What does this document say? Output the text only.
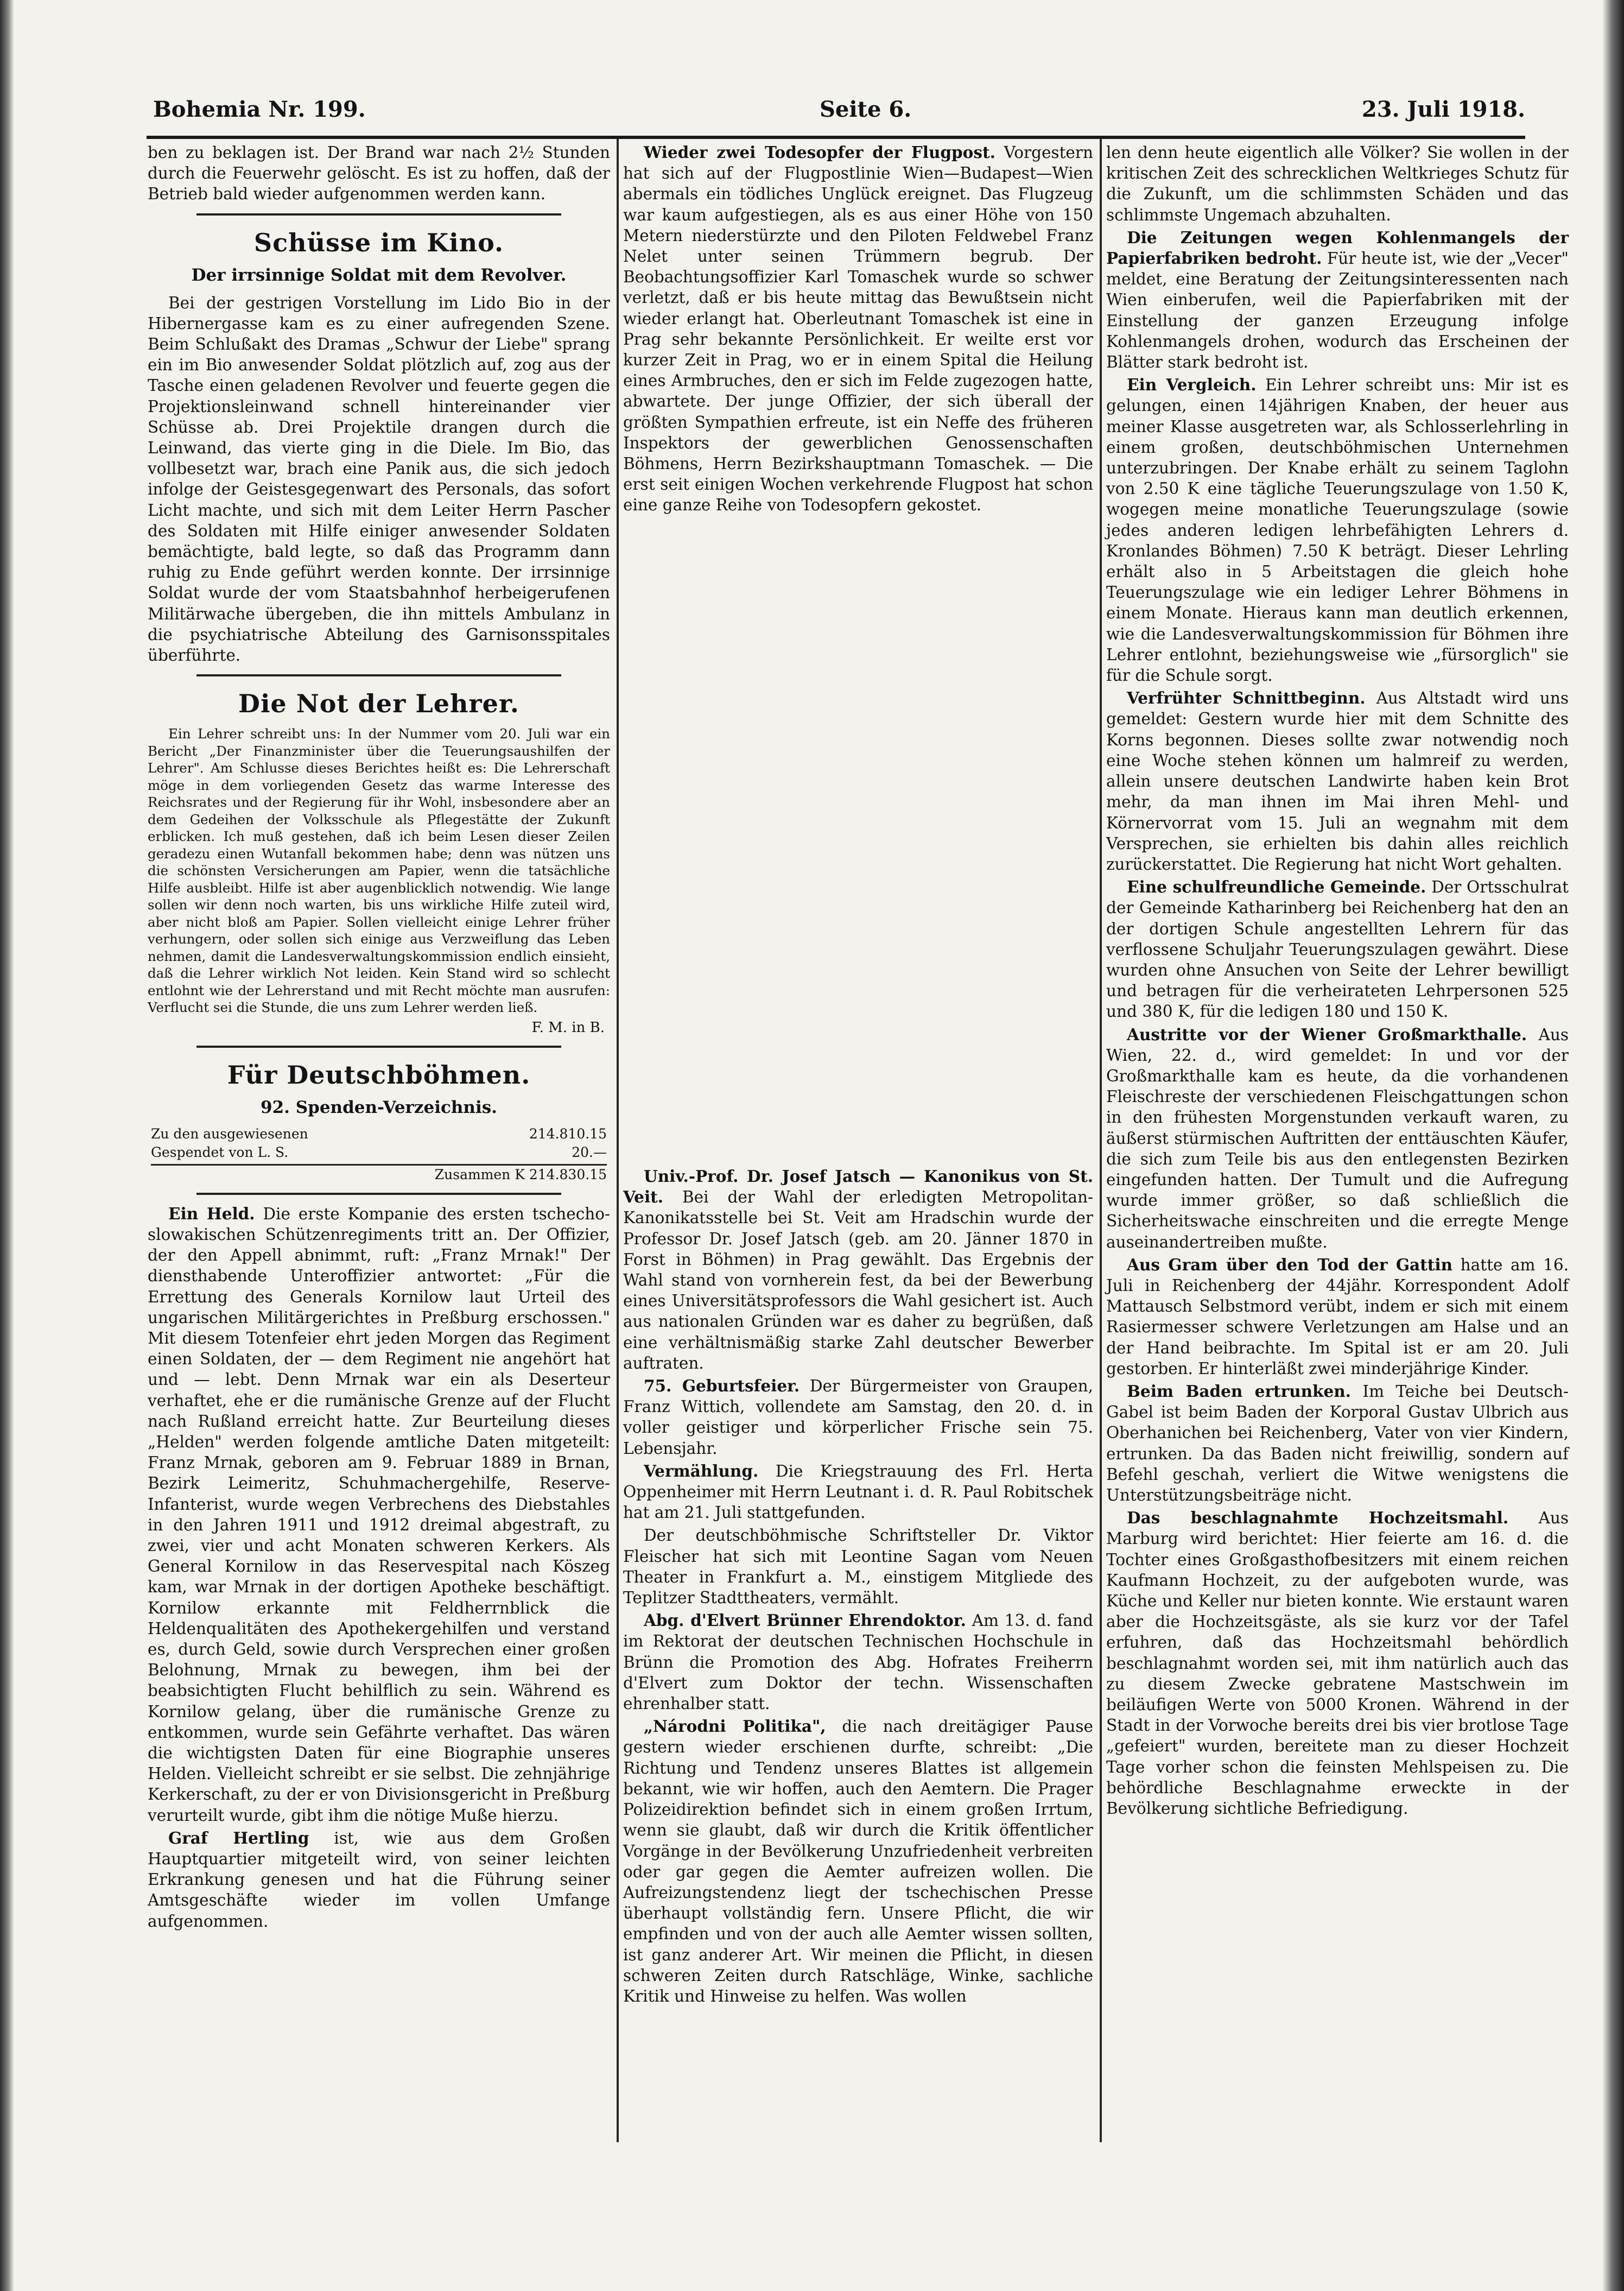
Bohemia Nr. 199.	Seite 6.	23. Juli 1918.

ben zu beklagen ist. Der Brand war nach 2½ Stunden durch die Feuerwehr gelöscht. Es ist zu hoffen, daß der Betrieb bald wieder aufgenommen werden kann.

Schüsse im Kino.
Der irrsinnige Soldat mit dem Revolver.

Bei der gestrigen Vorstellung im Lido Bio in der Hibernergasse kam es zu einer aufregenden Szene. Beim Schlußakt des Dramas „Schwur der Liebe" sprang ein im Bio anwesender Soldat plötzlich auf, zog aus der Tasche einen geladenen Revolver und feuerte gegen die Projektionsleinwand schnell hintereinander vier Schüsse ab. Drei Projektile drangen durch die Leinwand, das vierte ging in die Diele. Im Bio, das vollbesetzt war, brach eine Panik aus, die sich jedoch infolge der Geistesgegenwart des Personals, das sofort Licht machte, und sich mit dem Leiter Herrn Pascher des Soldaten mit Hilfe einiger anwesender Soldaten bemächtigte, bald legte, so daß das Programm dann ruhig zu Ende geführt werden konnte. Der irrsinnige Soldat wurde der vom Staatsbahnhof herbeigerufenen Militärwache übergeben, die ihn mittels Ambulanz in die psychiatrische Abteilung des Garnisonsspitales überführte.

Die Not der Lehrer.

Ein Lehrer schreibt uns: In der Nummer vom 20. Juli war ein Bericht „Der Finanzminister über die Teuerungsaushilfen der Lehrer". Am Schlusse dieses Berichtes heißt es: Die Lehrerschaft möge in dem vorliegenden Gesetz das warme Interesse des Reichsrates und der Regierung für ihr Wohl, insbesondere aber an dem Gedeihen der Volksschule als Pflegestätte der Zukunft erblicken. Ich muß gestehen, daß ich beim Lesen dieser Zeilen geradezu einen Wutanfall bekommen habe; denn was nützen uns die schönsten Versicherungen am Papier, wenn die tatsächliche Hilfe ausbleibt. Hilfe ist aber augenblicklich notwendig. Wie lange sollen wir denn noch warten, bis uns wirkliche Hilfe zuteil wird, aber nicht bloß am Papier. Sollen vielleicht einige Lehrer früher verhungern, oder sollen sich einige aus Verzweiflung das Leben nehmen, damit die Landesverwaltungskommission endlich einsieht, daß die Lehrer wirklich Not leiden. Kein Stand wird so schlecht entlohnt wie der Lehrerstand und mit Recht möchte man ausrufen: Verflucht sei die Stunde, die uns zum Lehrer werden ließ.

F. M. in B.
Für Deutschböhmen.
92. Spenden-Verzeichnis.
Zu den ausgewiesenen	214.810.15
Gespendet von L. S.	20.—
Zusammen K 214.830.15

Ein Held. Die erste Kompanie des ersten tschecho-slowakischen Schützenregiments tritt an. Der Offizier, der den Appell abnimmt, ruft: „Franz Mrnak!" Der diensthabende Unteroffizier antwortet: „Für die Errettung des Generals Kornilow laut Urteil des ungarischen Militärgerichtes in Preßburg erschossen." Mit diesem Totenfeier ehrt jeden Morgen das Regiment einen Soldaten, der — dem Regiment nie angehört hat und — lebt. Denn Mrnak war ein als Deserteur verhaftet, ehe er die rumänische Grenze auf der Flucht nach Rußland erreicht hatte. Zur Beurteilung dieses „Helden" werden folgende amtliche Daten mitgeteilt: Franz Mrnak, geboren am 9. Februar 1889 in Brnan, Bezirk Leimeritz, Schuhmachergehilfe, Reserve-Infanterist, wurde wegen Verbrechens des Diebstahles in den Jahren 1911 und 1912 dreimal abgestraft, zu zwei, vier und acht Monaten schweren Kerkers. Als General Kornilow in das Reservespital nach Köszeg kam, war Mrnak in der dortigen Apotheke beschäftigt. Kornilow erkannte mit Feldherrnblick die Heldenqualitäten des Apothekergehilfen und verstand es, durch Geld, sowie durch Versprechen einer großen Belohnung, Mrnak zu bewegen, ihm bei der beabsichtigten Flucht behilflich zu sein. Während es Kornilow gelang, über die rumänische Grenze zu entkommen, wurde sein Gefährte verhaftet. Das wären die wichtigsten Daten für eine Biographie unseres Helden. Vielleicht schreibt er sie selbst. Die zehnjährige Kerkerschaft, zu der er von Divisionsgericht in Preßburg verurteilt wurde, gibt ihm die nötige Muße hierzu.

Graf Hertling ist, wie aus dem Großen Hauptquartier mitgeteilt wird, von seiner leichten Erkrankung genesen und hat die Führung seiner Amtsgeschäfte wieder im vollen Umfange aufgenommen.

Wieder zwei Todesopfer der Flugpost. Vorgestern hat sich auf der Flugpostlinie Wien—Budapest—Wien abermals ein tödliches Unglück ereignet. Das Flugzeug war kaum aufgestiegen, als es aus einer Höhe von 150 Metern niederstürzte und den Piloten Feldwebel Franz Nelet unter seinen Trümmern begrub. Der Beobachtungsoffizier Karl Tomaschek wurde so schwer verletzt, daß er bis heute mittag das Bewußtsein nicht wieder erlangt hat. Oberleutnant Tomaschek ist eine in Prag sehr bekannte Persönlichkeit. Er weilte erst vor kurzer Zeit in Prag, wo er in einem Spital die Heilung eines Armbruches, den er sich im Felde zugezogen hatte, abwartete. Der junge Offizier, der sich überall der größten Sympathien erfreute, ist ein Neffe des früheren Inspektors der gewerblichen Genossenschaften Böhmens, Herrn Bezirkshauptmann Tomaschek. — Die erst seit einigen Wochen verkehrende Flugpost hat schon eine ganze Reihe von Todesopfern gekostet.

Univ.-Prof. Dr. Josef Jatsch — Kanonikus von St. Veit. Bei der Wahl der erledigten Metropolitan-Kanonikatsstelle bei St. Veit am Hradschin wurde der Professor Dr. Josef Jatsch (geb. am 20. Jänner 1870 in Forst in Böhmen) in Prag gewählt. Das Ergebnis der Wahl stand von vornherein fest, da bei der Bewerbung eines Universitätsprofessors die Wahl gesichert ist. Auch aus nationalen Gründen war es daher zu begrüßen, daß eine verhältnismäßig starke Zahl deutscher Bewerber auftraten.

75. Geburtsfeier. Der Bürgermeister von Graupen, Franz Wittich, vollendete am Samstag, den 20. d. in voller geistiger und körperlicher Frische sein 75. Lebensjahr.

Vermählung. Die Kriegstrauung des Frl. Herta Oppenheimer mit Herrn Leutnant i. d. R. Paul Robitschek hat am 21. Juli stattgefunden.

Der deutschböhmische Schriftsteller Dr. Viktor Fleischer hat sich mit Leontine Sagan vom Neuen Theater in Frankfurt a. M., einstigem Mitgliede des Teplitzer Stadttheaters, vermählt.

Abg. d'Elvert Brünner Ehrendoktor. Am 13. d. fand im Rektorat der deutschen Technischen Hochschule in Brünn die Promotion des Abg. Hofrates Freiherrn d'Elvert zum Doktor der techn. Wissenschaften ehrenhalber statt.

„Národni Politika", die nach dreitägiger Pause gestern wieder erschienen durfte, schreibt: „Die Richtung und Tendenz unseres Blattes ist allgemein bekannt, wie wir hoffen, auch den Aemtern. Die Prager Polizeidirektion befindet sich in einem großen Irrtum, wenn sie glaubt, daß wir durch die Kritik öffentlicher Vorgänge in der Bevölkerung Unzufriedenheit verbreiten oder gar gegen die Aemter aufreizen wollen. Die Aufreizungstendenz liegt der tschechischen Presse überhaupt vollständig fern. Unsere Pflicht, die wir empfinden und von der auch alle Aemter wissen sollten, ist ganz anderer Art. Wir meinen die Pflicht, in diesen schweren Zeiten durch Ratschläge, Winke, sachliche Kritik und Hinweise zu helfen. Was wollen

len denn heute eigentlich alle Völker? Sie wollen in der kritischen Zeit des schrecklichen Weltkrieges Schutz für die Zukunft, um die schlimmsten Schäden und das schlimmste Ungemach abzuhalten.

Die Zeitungen wegen Kohlenmangels der Papierfabriken bedroht. Für heute ist, wie der „Vecer" meldet, eine Beratung der Zeitungsinteressenten nach Wien einberufen, weil die Papierfabriken mit der Einstellung der ganzen Erzeugung infolge Kohlenmangels drohen, wodurch das Erscheinen der Blätter stark bedroht ist.

Ein Vergleich. Ein Lehrer schreibt uns: Mir ist es gelungen, einen 14jährigen Knaben, der heuer aus meiner Klasse ausgetreten war, als Schlosserlehrling in einem großen, deutschböhmischen Unternehmen unterzubringen. Der Knabe erhält zu seinem Taglohn von 2.50 K eine tägliche Teuerungszulage von 1.50 K, wogegen meine monatliche Teuerungszulage (sowie jedes anderen ledigen lehrbefähigten Lehrers d. Kronlandes Böhmen) 7.50 K beträgt. Dieser Lehrling erhält also in 5 Arbeitstagen die gleich hohe Teuerungszulage wie ein lediger Lehrer Böhmens in einem Monate. Hieraus kann man deutlich erkennen, wie die Landesverwaltungskommission für Böhmen ihre Lehrer entlohnt, beziehungsweise wie „fürsorglich" sie für die Schule sorgt.

Verfrühter Schnittbeginn. Aus Altstadt wird uns gemeldet: Gestern wurde hier mit dem Schnitte des Korns begonnen. Dieses sollte zwar notwendig noch eine Woche stehen können um halmreif zu werden, allein unsere deutschen Landwirte haben kein Brot mehr, da man ihnen im Mai ihren Mehl- und Körnervorrat vom 15. Juli an wegnahm mit dem Versprechen, sie erhielten bis dahin alles reichlich zurückerstattet. Die Regierung hat nicht Wort gehalten.

Eine schulfreundliche Gemeinde. Der Ortsschulrat der Gemeinde Katharinberg bei Reichenberg hat den an der dortigen Schule angestellten Lehrern für das verflossene Schuljahr Teuerungszulagen gewährt. Diese wurden ohne Ansuchen von Seite der Lehrer bewilligt und betragen für die verheirateten Lehrpersonen 525 und 380 K, für die ledigen 180 und 150 K.

Austritte vor der Wiener Großmarkthalle. Aus Wien, 22. d., wird gemeldet: In und vor der Großmarkthalle kam es heute, da die vorhandenen Fleischreste der verschiedenen Fleischgattungen schon in den frühesten Morgenstunden verkauft waren, zu äußerst stürmischen Auftritten der enttäuschten Käufer, die sich zum Teile bis aus den entlegensten Bezirken eingefunden hatten. Der Tumult und die Aufregung wurde immer größer, so daß schließlich die Sicherheitswache einschreiten und die erregte Menge auseinandertreiben mußte.

Aus Gram über den Tod der Gattin hatte am 16. Juli in Reichenberg der 44jähr. Korrespondent Adolf Mattausch Selbstmord verübt, indem er sich mit einem Rasiermesser schwere Verletzungen am Halse und an der Hand beibrachte. Im Spital ist er am 20. Juli gestorben. Er hinterläßt zwei minderjährige Kinder.

Beim Baden ertrunken. Im Teiche bei Deutsch-Gabel ist beim Baden der Korporal Gustav Ulbrich aus Oberhanichen bei Reichenberg, Vater von vier Kindern, ertrunken. Da das Baden nicht freiwillig, sondern auf Befehl geschah, verliert die Witwe wenigstens die Unterstützungsbeiträge nicht.

Das beschlagnahmte Hochzeitsmahl. Aus Marburg wird berichtet: Hier feierte am 16. d. die Tochter eines Großgasthofbesitzers mit einem reichen Kaufmann Hochzeit, zu der aufgeboten wurde, was Küche und Keller nur bieten konnte. Wie erstaunt waren aber die Hochzeitsgäste, als sie kurz vor der Tafel erfuhren, daß das Hochzeitsmahl behördlich beschlagnahmt worden sei, mit ihm natürlich auch das zu diesem Zwecke gebratene Mastschwein im beiläufigen Werte von 5000 Kronen. Während in der Stadt in der Vorwoche bereits drei bis vier brotlose Tage „gefeiert" wurden, bereitete man zu dieser Hochzeit Tage vorher schon die feinsten Mehlspeisen zu. Die behördliche Beschlagnahme erweckte in der Bevölkerung sichtliche Befriedigung.
